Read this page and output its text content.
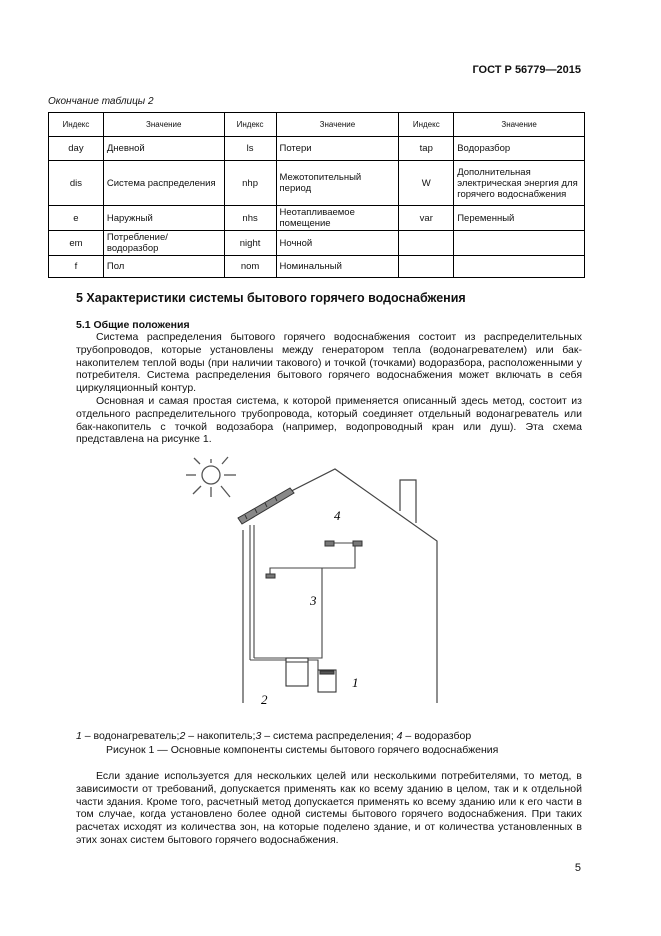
ГОСТ Р 56779—2015
Окончание таблицы 2
Индекс	Значение	Индекс	Значение	Индекс	Значение
day	Дневной	ls	Потери	tap	Водоразбор
dis	Система распределения	nhp	Межотопительный период	W	Дополнительная электрическая энергия для горячего водоснабжения
e	Наружный	nhs	Неотапливаемое помещение	var	Переменный
em	Потребление/ водоразбор	night	Ночной		
f	Пол	nom	Номинальный		
5 Характеристики системы бытового горячего водоснабжения
5.1 Общие положения

Система распределения бытового горячего водоснабжения состоит из распределительных трубопроводов, которые установлены между генератором тепла (водонагревателем) или бак-накопителем теплой воды (при наличии такового) и точкой (точками) водоразбора, расположенными у потребителя. Система распределения бытового горячего водоснабжения может включать в себя циркуляционный контур.

Основная и самая простая система, к которой применяется описанный здесь метод, состоит из отдельного распределительного трубопровода, который соединяет отдельный водонагреватель или бак-накопитель с точкой водозабора (например, водопроводный кран или душ). Эта схема представлена на рисунке 1.

4
3
1
2
1 – водонагреватель;2 – накопитель;3 – система распределения; 4 – водоразбор
Рисунок 1 — Основные компоненты системы бытового горячего водоснабжения

Если здание используется для нескольких целей или несколькими потребителями, то метод, в зависимости от требований, допускается применять как ко всему зданию в целом, так и к отдельной части здания. Кроме того, расчетный метод допускается применять ко всему зданию или к его части в том случае, когда установлено более одной системы бытового горячего водоснабжения. При таких расчетах исходят из количества зон, на которые поделено здание, и от количества установленных в этих зонах систем бытового горячего водоснабжения.

5
